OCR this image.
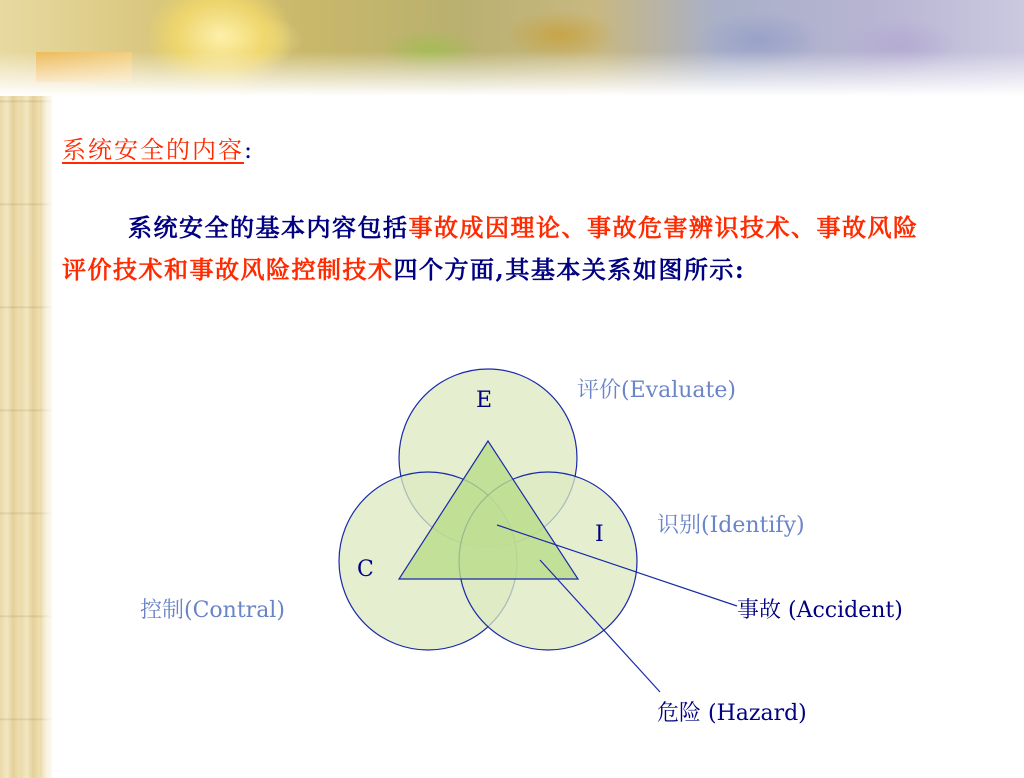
系统安全的内容:
系统安全的基本内容包括事故成因理论、事故危害辨识技术、事故风险评价技术和事故风险控制技术四个方面,其基本关系如图所示:
E
I
C
评价(Evaluate)
识别(Identify)
控制(Contral)	事故 (Accident)
危险 (Hazard)
